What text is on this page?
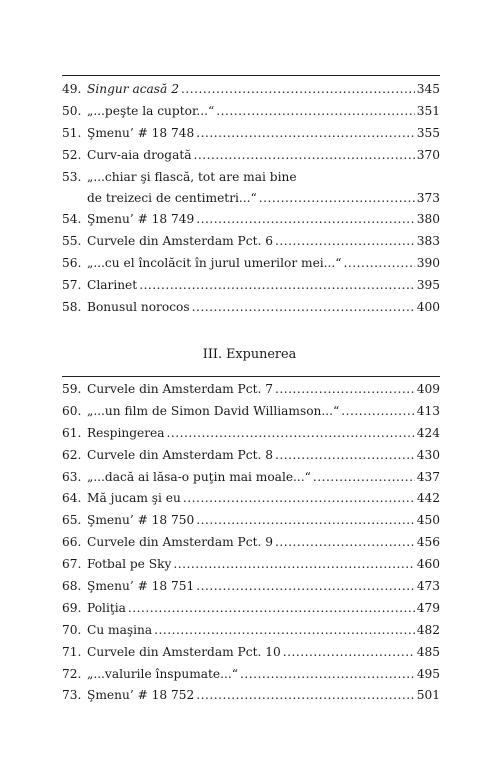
49. Singur acasă 2 .....	345
50. „...peşte la cuptor...“ .....	351
51. Şmenu’ # 18 748 .....	355
52. Curv-aia drogată .....	370
53. „...chiar şi flască, tot are mai bine
de treizeci de centimetri...“ .....	373
54. Şmenu’ # 18 749 .....	380
55. Curvele din Amsterdam Pct. 6 .....	383
56. „...cu el încolăcit în jurul umerilor mei...“ .....	390
57. Clarinet .....	395
58. Bonusul norocos .....	400
III. Expunerea
59. Curvele din Amsterdam Pct. 7 .....	409
60. „...un film de Simon David Williamson...“ .....	413
61. Respingerea .....	424
62. Curvele din Amsterdam Pct. 8 .....	430
63. „...dacă ai lăsa-o puţin mai moale...“ .....	437
64. Mă jucam şi eu .....	442
65. Şmenu’ # 18 750 .....	450
66. Curvele din Amsterdam Pct. 9 .....	456
67. Fotbal pe Sky .....	460
68. Şmenu’ # 18 751 .....	473
69. Poliţia .....	479
70. Cu maşina .....	482
71. Curvele din Amsterdam Pct. 10 .....	485
72. „...valurile înspumate...“ .....	495
73. Şmenu’ # 18 752 .....	501
